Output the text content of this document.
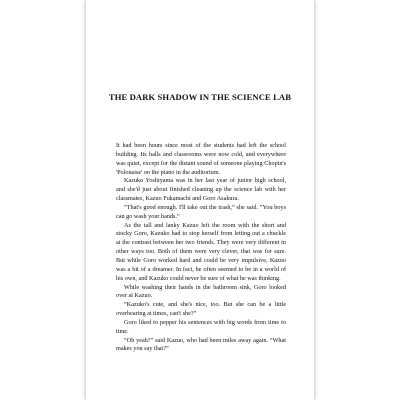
THE DARK SHADOW IN THE SCIENCE LAB

It had been hours since most of the students had left the school building. Its halls and classrooms were now cold, and everywhere was quiet, except for the distant sound of someone playing Chopin's 'Polonaise' on the piano in the auditorium.

Kazuko Yoshiyama was in her last year of junior high school, and she'd just about finished cleaning up the science lab with her classmates, Kazuo Fukamachi and Goro Asakura.

“That's good enough. I'll take out the trash,” she said. “You boys can go wash your hands.”

As the tall and lanky Kazuo left the room with the short and stocky Goro, Kazuko had to stop herself from letting out a chuckle at the contrast between her two friends. They were very different in other ways too. Both of them were very clever, that was for sure. But while Goro worked hard and could be very impulsive, Kazuo was a bit of a dreamer. In fact, he often seemed to be in a world of his own, and Kazuko could never be sure of what he was thinking.

While washing their hands in the bathroom sink, Goro looked over at Kazuo.

“Kazuko's cute, and she's nice, too. But she can be a little overbearing at times, can't she?”

Goro liked to pepper his sentences with big words from time to time.

“Oh yeah?” said Kazuo, who had been miles away again. “What makes you say that?”
